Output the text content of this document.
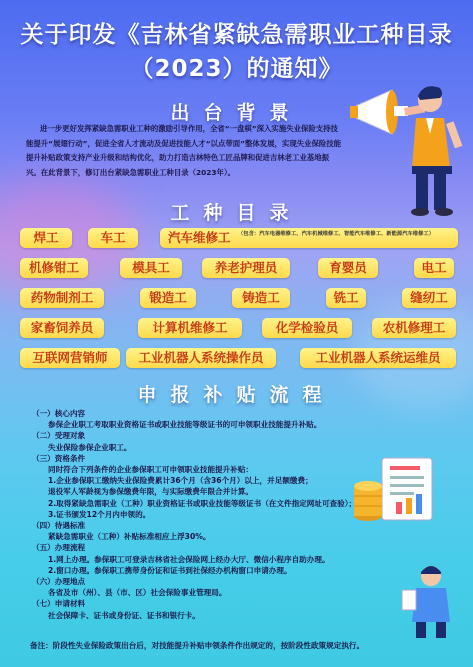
关于印发《吉林省紧缺急需职业工种目录
（2023）的通知》
出台背景
进一步更好发挥紧缺急需职业工种的激励引导作用，全省“一盘棋”深入实施失业保险支持技能提升“展翅行动”，促进全省人才流动及促进技能人才“以点带面”整体发展，实现失业保险技能提升补贴政策支持产业升级和结构优化，助力打造吉林特色工匠品牌和促进吉林老工业基地振兴。在此背景下，修订出台紧缺急需职业工种目录（2023年）。
工种目录
焊工	车工	汽车维修工 （包含：汽车电器维修工、汽车机械维修工、智能汽车维修工、新能源汽车维修工）
机修钳工	模具工	养老护理员	育婴员	电工
药物制剂工	锻造工	铸造工	铣工	缝纫工
家畜饲养员	计算机维修工	化学检验员	农机修理工
互联网营销师	工业机器人系统操作员	工业机器人系统运维员
申报补贴流程
（一）核心内容
参保企业职工考取职业资格证书或职业技能等级证书的可申领职业技能提升补贴。
（二）受理对象
失业保险参保企业职工。
（三）资格条件
同时符合下列条件的企业参保职工可申领职业技能提升补贴：
1.企业参保职工缴纳失业保险费累计36个月（含36个月）以上，并足额缴费；
退役军人军龄视为参保缴费年限，与实际缴费年限合并计算。
2.取得紧缺急需职业（工种）职业资格证书或职业技能等级证书（在文件指定网址可查验）；
3.证书颁发12个月内申领的。
（四）待遇标准
紧缺急需职业（工种）补贴标准相应上浮30%。
（五）办理流程
1.网上办理。参保职工可登录吉林省社会保险网上经办大厅、微信小程序自助办理。
2.窗口办理。参保职工携带身份证和证书到社保经办机构窗口申请办理。
（六）办理地点
各省及市（州）、县（市、区）社会保险事业管理局。
（七）申请材料
社会保障卡、证书或身份证、证书和银行卡。
备注：阶段性失业保险政策出台后，对技能提升补贴申领条件作出规定的，按阶段性政策规定执行。
